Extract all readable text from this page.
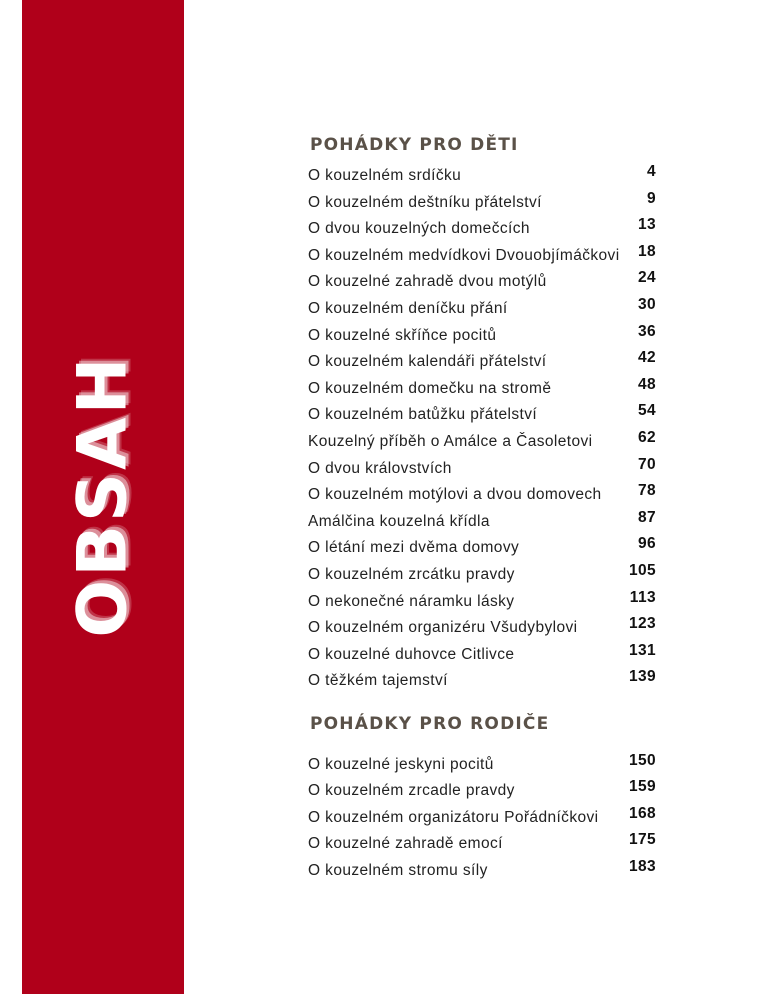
OBSAH
POHÁDKY PRO DĚTI
O kouzelném srdíčku	4
O kouzelném deštníku přátelství	9
O dvou kouzelných domečcích	13
O kouzelném medvídkovi Dvouobjímáčkovi 18
O kouzelné zahradě dvou motýlů	24
O kouzelném deníčku přání	30
O kouzelné skříňce pocitů	36
O kouzelném kalendáři přátelství	42
O kouzelném domečku na stromě	48
O kouzelném batůžku přátelství	54
Kouzelný příběh o Amálce a Časoletovi	62
O dvou královstvích	70
O kouzelném motýlovi a dvou domovech 78
Amálčina kouzelná křídla	87
O létání mezi dvěma domovy	96
O kouzelném zrcátku pravdy	105
O nekonečné náramku lásky	113
O kouzelném organizéru Všudybylovi	123
O kouzelné duhovce Citlivce	131
O těžkém tajemství	139
POHÁDKY PRO RODIČE
O kouzelné jeskyni pocitů	150
O kouzelném zrcadle pravdy	159
O kouzelném organizátoru Pořádníčkovi 168
O kouzelné zahradě emocí	175
O kouzelném stromu síly	183
